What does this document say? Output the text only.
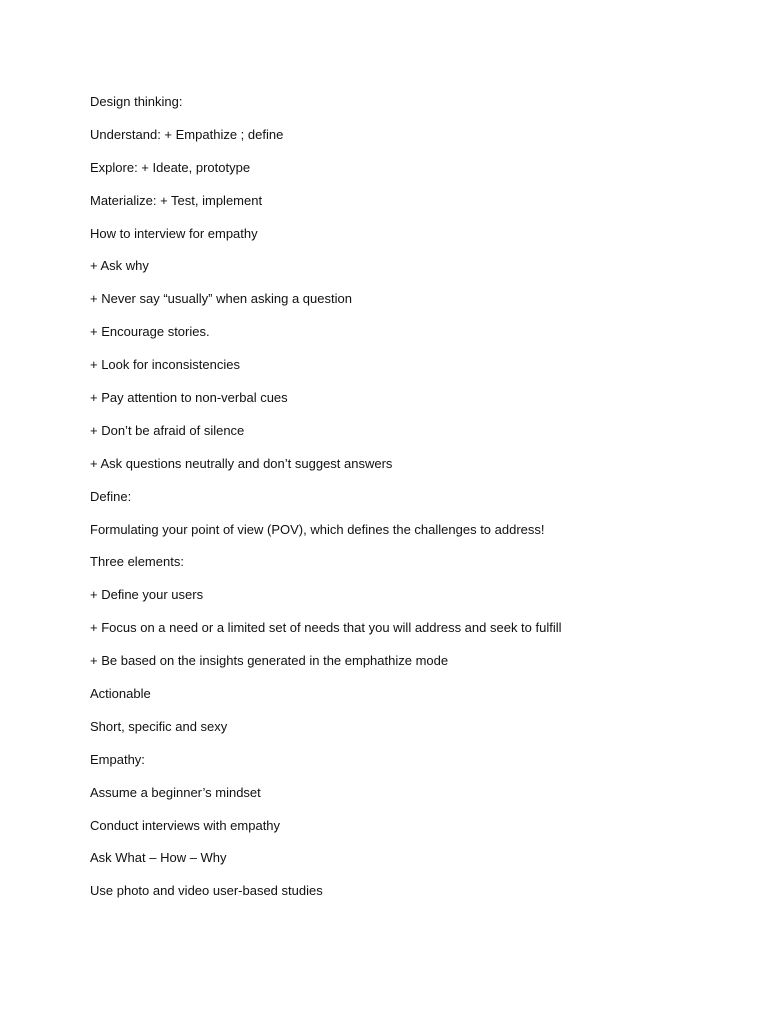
Design thinking:
Understand: + Empathize ; define
Explore: + Ideate, prototype
Materialize: + Test, implement
How to interview for empathy
+ Ask why
+ Never say “usually” when asking a question
+ Encourage stories.
+ Look for inconsistencies
+ Pay attention to non-verbal cues
+ Don’t be afraid of silence
+ Ask questions neutrally and don’t suggest answers
Define:
Formulating your point of view (POV), which defines the challenges to address!
Three elements:
+ Define your users
+ Focus on a need or a limited set of needs that you will address and seek to fulfill
+ Be based on the insights generated in the emphathize mode
Actionable
Short, specific and sexy
Empathy:
Assume a beginner’s mindset
Conduct interviews with empathy
Ask What – How – Why
Use photo and video user-based studies
